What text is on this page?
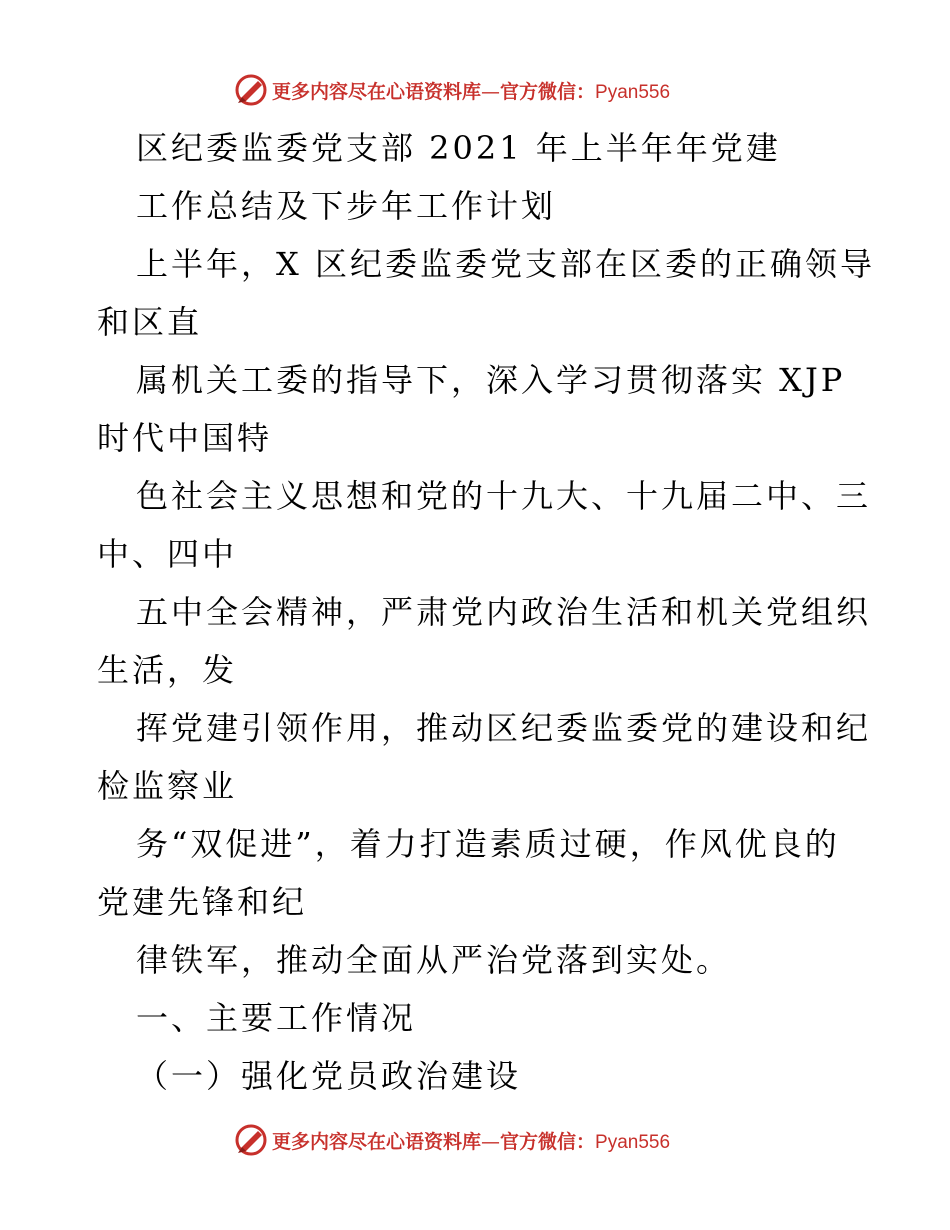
更多内容尽在心语资料库—官方微信：Pyan556
区纪委监委党支部 2021 年上半年年党建
工作总结及下步年工作计划
上半年，X 区纪委监委党支部在区委的正确领导
和区直
属机关工委的指导下，深入学习贯彻落实 XJP
时代中国特
色社会主义思想和党的十九大、十九届二中、三
中、四中
五中全会精神，严肃党内政治生活和机关党组织
生活，发
挥党建引领作用，推动区纪委监委党的建设和纪
检监察业
务“双促进”，着力打造素质过硬，作风优良的
党建先锋和纪
律铁军，推动全面从严治党落到实处。
一、主要工作情况
（一）强化党员政治建设
更多内容尽在心语资料库—官方微信：Pyan556
